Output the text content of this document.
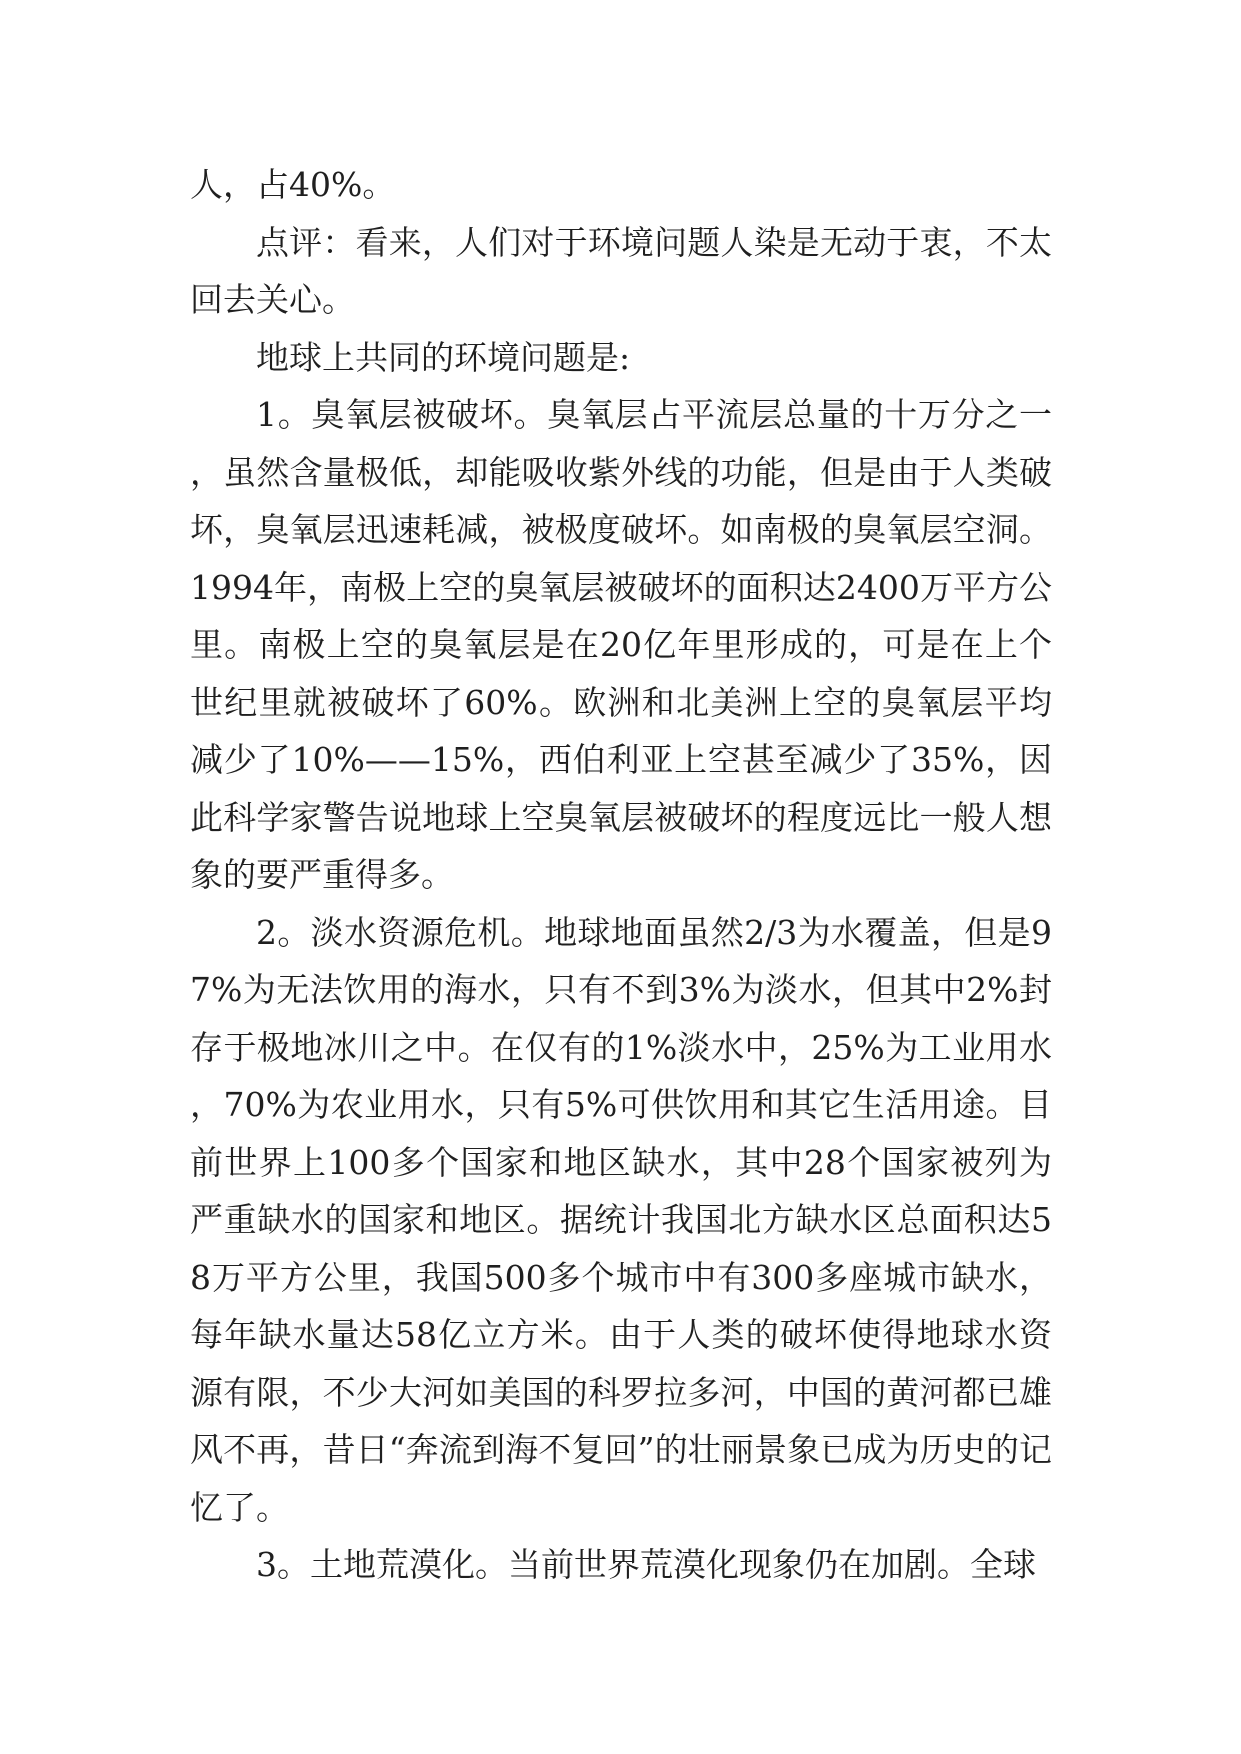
人，占40%。

点评：看来，人们对于环境问题人染是无动于衷，不太回去关心。

地球上共同的环境问题是:

1。臭氧层被破坏。臭氧层占平流层总量的十万分之一，虽然含量极低，却能吸收紫外线的功能，但是由于人类破坏，臭氧层迅速耗减，被极度破坏。如南极的臭氧层空洞。1994年，南极上空的臭氧层被破坏的面积达2400万平方公里。南极上空的臭氧层是在20亿年里形成的，可是在上个世纪里就被破坏了60%。欧洲和北美洲上空的臭氧层平均减少了10%——15%，西伯利亚上空甚至减少了35%，因此科学家警告说地球上空臭氧层被破坏的程度远比一般人想象的要严重得多。

2。淡水资源危机。地球地面虽然2/3为水覆盖，但是97%为无法饮用的海水，只有不到3%为淡水，但其中2%封存于极地冰川之中。在仅有的1%淡水中，25%为工业用水，70%为农业用水，只有5%可供饮用和其它生活用途。目前世界上100多个国家和地区缺水，其中28个国家被列为严重缺水的国家和地区。据统计我国北方缺水区总面积达58万平方公里，我国500多个城市中有300多座城市缺水，每年缺水量达58亿立方米。由于人类的破坏使得地球水资源有限，不少大河如美国的科罗拉多河，中国的黄河都已雄风不再，昔日“奔流到海不复回”的壮丽景象已成为历史的记忆了。

3。土地荒漠化。当前世界荒漠化现象仍在加剧。全球
